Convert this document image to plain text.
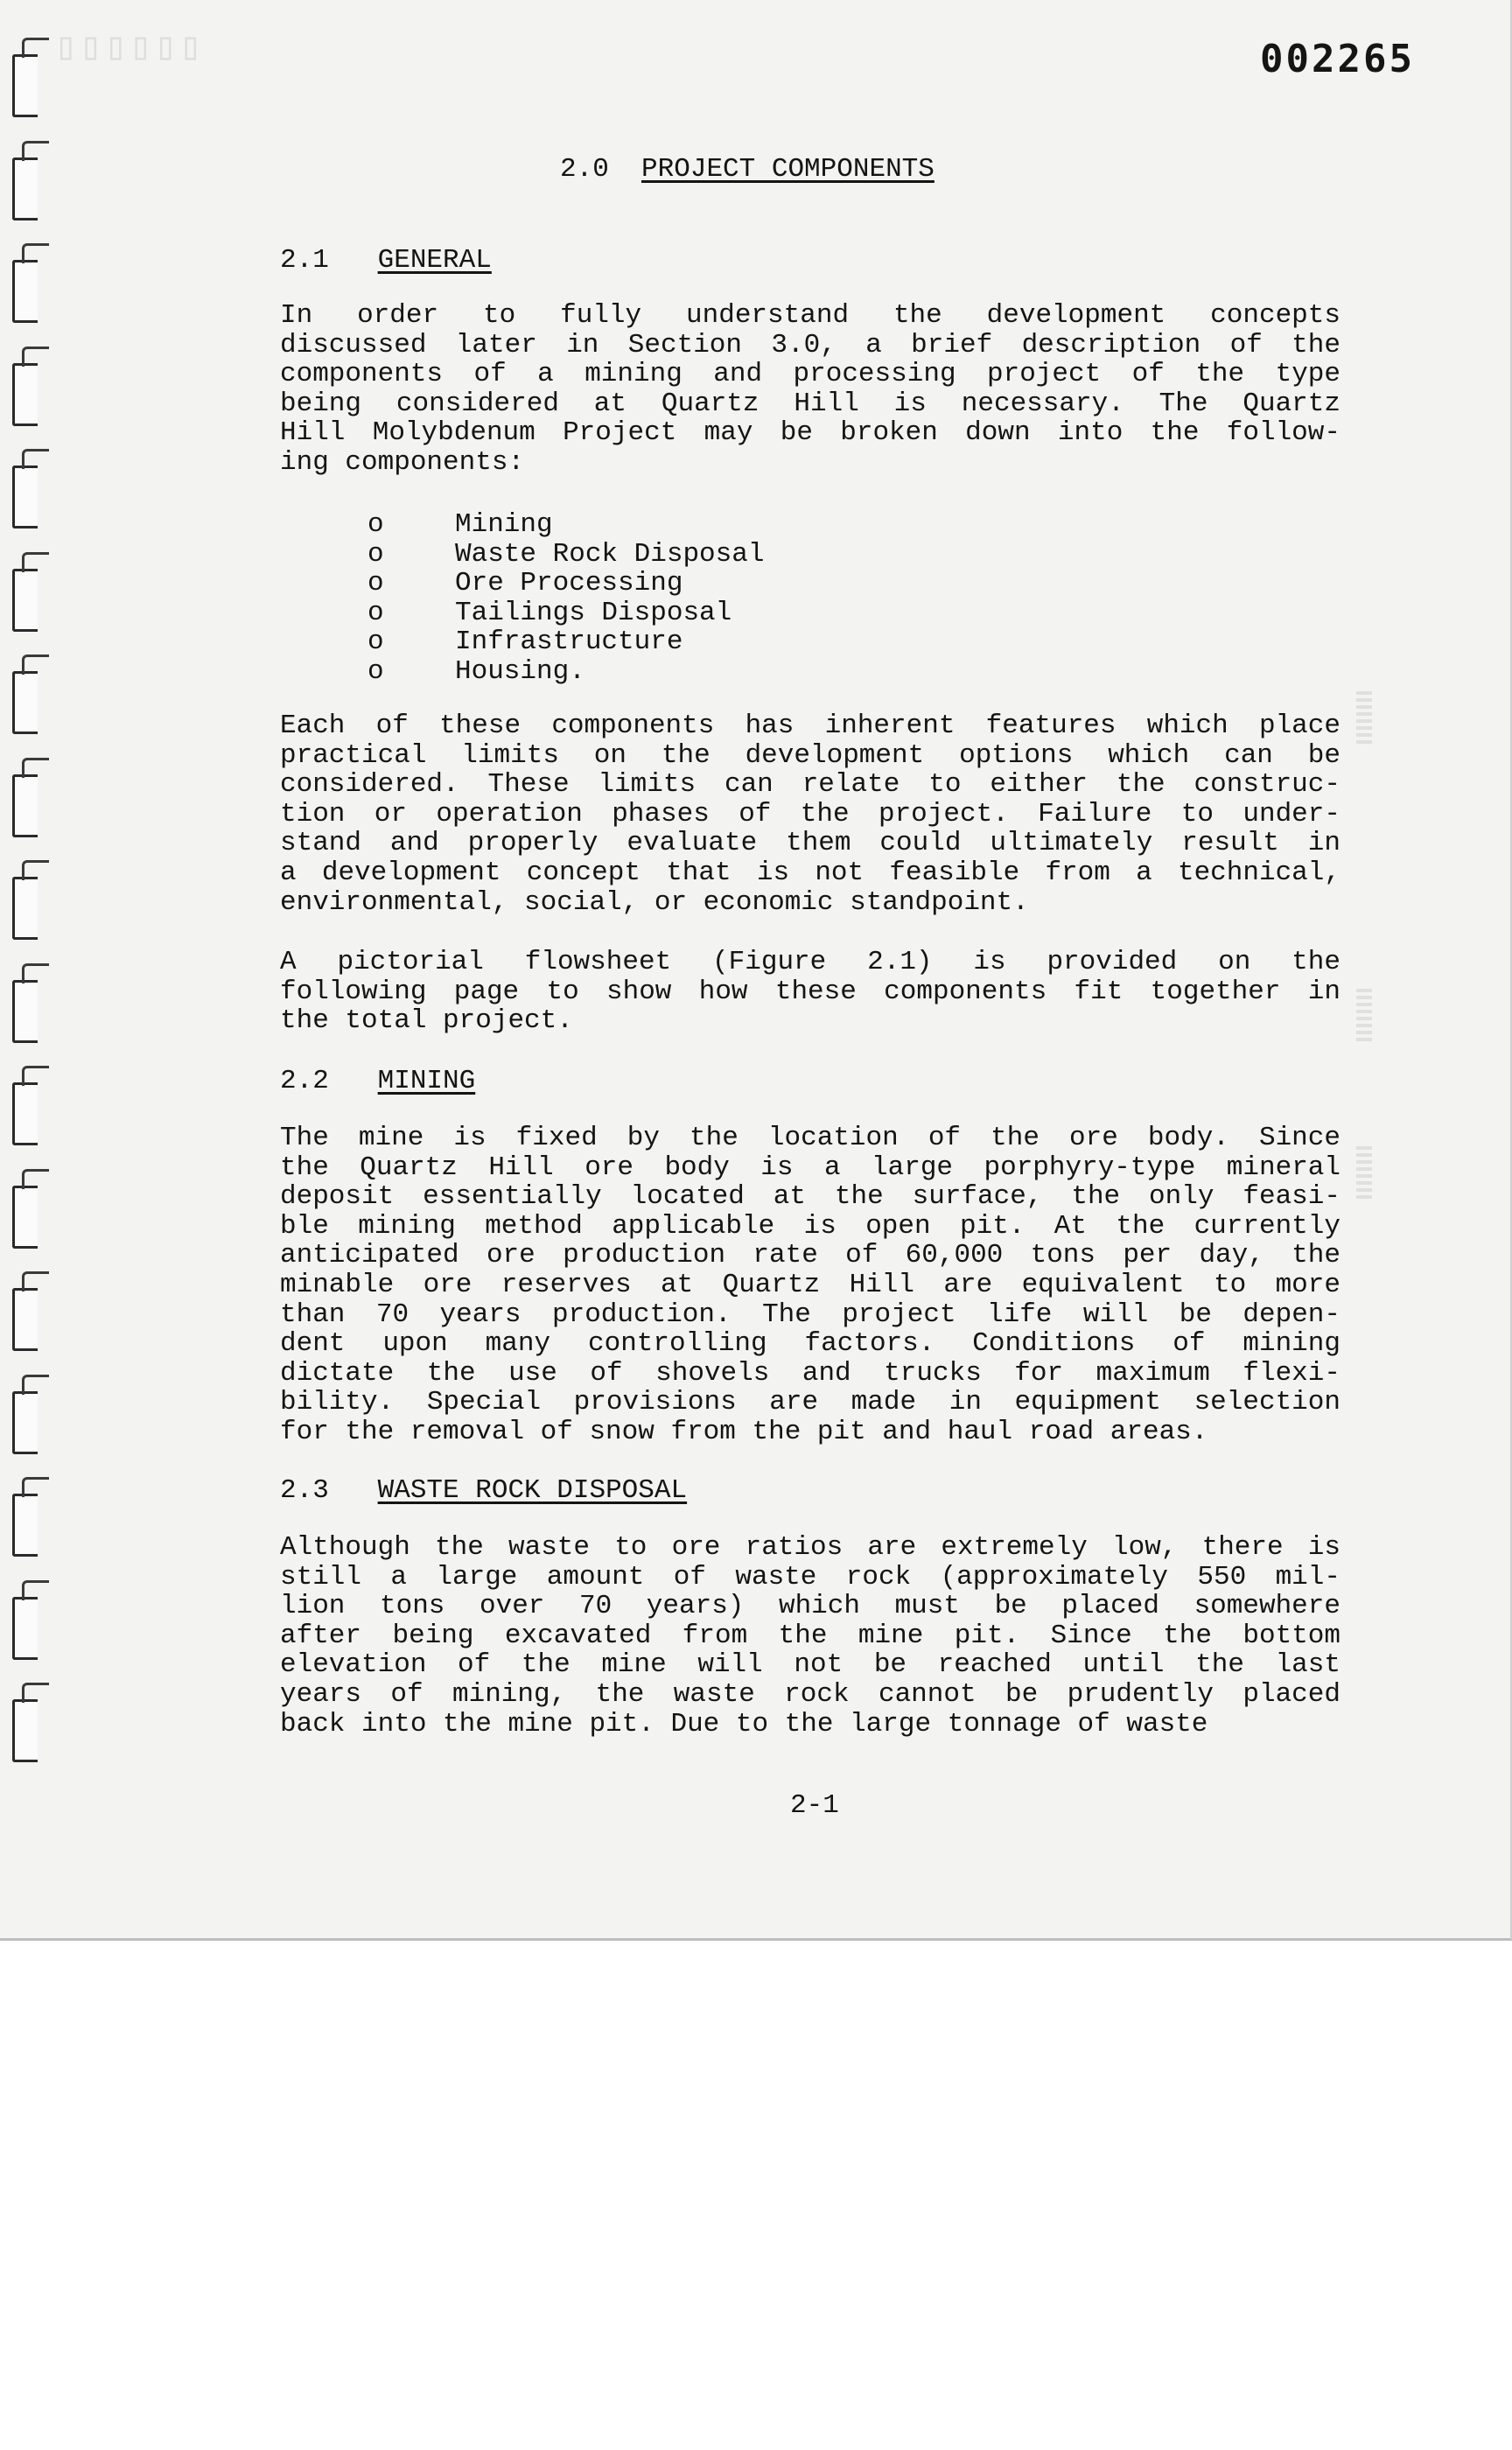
▯▯▯▯▯▯	002265
2.0 PROJECT COMPONENTS
2.1 GENERAL
In order to fully understand the development concepts
discussed later in Section 3.0, a brief description of the
components of a mining and processing project of the type
being considered at Quartz Hill is necessary. The Quartz
Hill Molybdenum Project may be broken down into the follow-
ing components:
o	Mining
o	Waste Rock Disposal
o	Ore Processing
o	Tailings Disposal
o	Infrastructure
o	Housing.
Each of these components has inherent features which place
practical limits on the development options which can be
considered. These limits can relate to either the construc-
tion or operation phases of the project. Failure to under-
stand and properly evaluate them could ultimately result in
a development concept that is not feasible from a technical,
environmental, social, or economic standpoint.
A pictorial flowsheet (Figure 2.1) is provided on the
following page to show how these components fit together in
the total project.
2.2 MINING
The mine is fixed by the location of the ore body. Since
the Quartz Hill ore body is a large porphyry-type mineral
deposit essentially located at the surface, the only feasi-
ble mining method applicable is open pit. At the currently
anticipated ore production rate of 60,000 tons per day, the
minable ore reserves at Quartz Hill are equivalent to more
than 70 years production. The project life will be depen-
dent upon many controlling factors. Conditions of mining
dictate the use of shovels and trucks for maximum flexi-
bility. Special provisions are made in equipment selection
for the removal of snow from the pit and haul road areas.
2.3 WASTE ROCK DISPOSAL
Although the waste to ore ratios are extremely low, there is
still a large amount of waste rock (approximately 550 mil-
lion tons over 70 years) which must be placed somewhere
after being excavated from the mine pit. Since the bottom
elevation of the mine will not be reached until the last
years of mining, the waste rock cannot be prudently placed
back into the mine pit. Due to the large tonnage of waste
2-1
